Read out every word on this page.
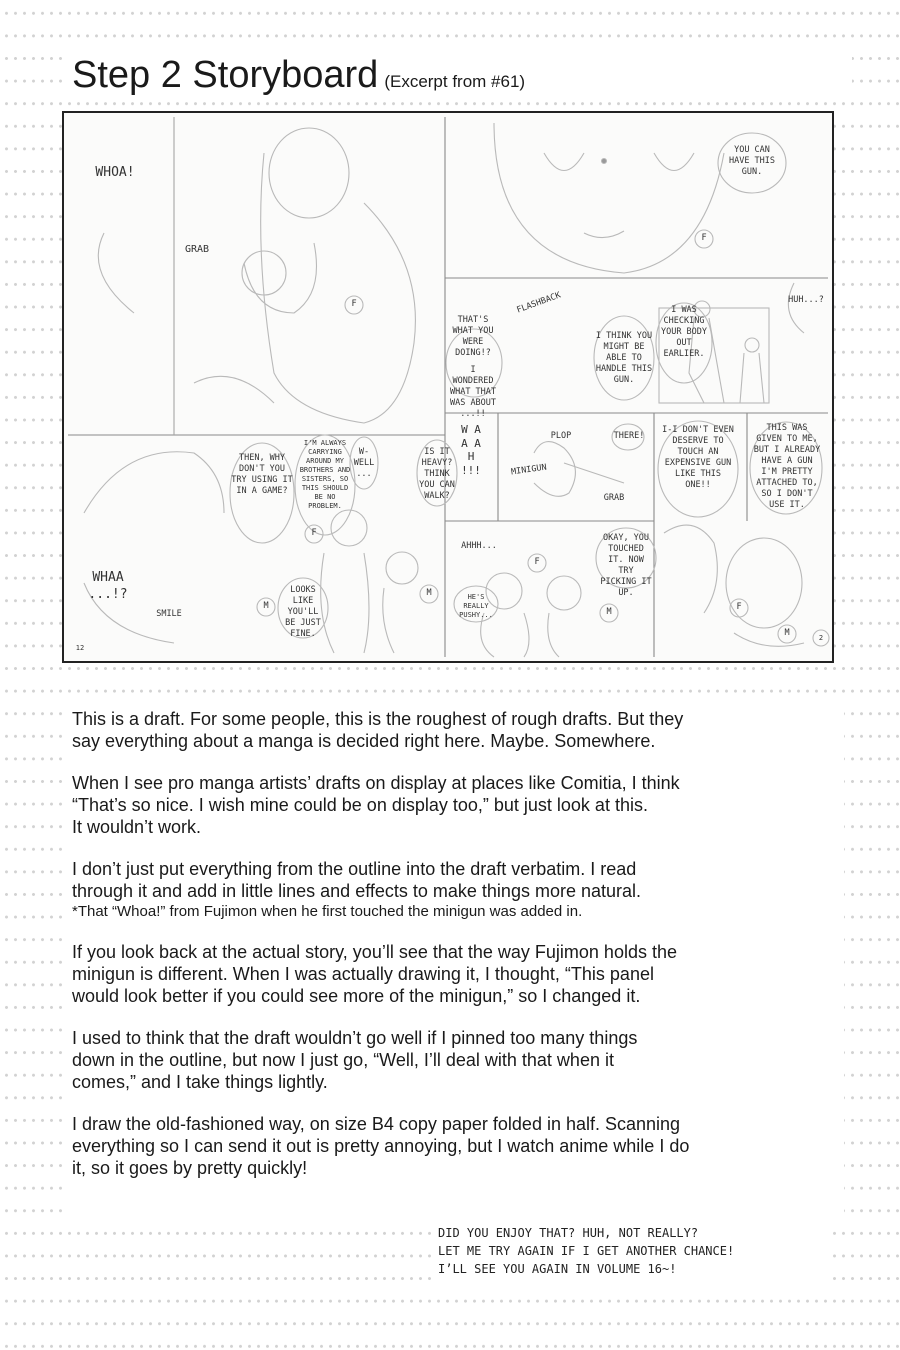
Step 2 Storyboard (Excerpt from #61)
WHOA!
GRAB
WHAA ...!?
SMILE
FLASHBACK	HUH...?
W A A A H !!!
PLOP
MINIGUN
GRAB
AHHH...
YOU CAN HAVE THIS GUN.
THAT'S WHAT YOU WERE DOING!?
I WONDERED WHAT THAT WAS ABOUT ...!!
I THINK YOU MIGHT BE ABLE TO HANDLE THIS GUN.
I WAS CHECKING YOUR BODY OUT EARLIER.
THEN, WHY DON'T YOU TRY USING IT IN A GAME?
I'M ALWAYS CARRYING AROUND MY BROTHERS AND SISTERS, SO THIS SHOULD BE NO PROBLEM.
W- WELL ...
IS IT HEAVY? THINK YOU CAN WALK?
LOOKS LIKE YOU'LL BE JUST FINE.
THERE!
I-I DON'T EVEN DESERVE TO TOUCH AN EXPENSIVE GUN LIKE THIS ONE!!
THIS WAS GIVEN TO ME, BUT I ALREADY HAVE A GUN I'M PRETTY ATTACHED TO, SO I DON'T USE IT.
OKAY, YOU TOUCHED IT. NOW TRY PICKING IT UP.
HE'S REALLY PUSHY...
F
F
F
F
F
M
M
M
M
12
2

This is a draft. For some people, this is the roughest of rough drafts. But they
say everything about a manga is decided right here. Maybe. Somewhere.

When I see pro manga artists’ drafts on display at places like Comitia, I think
“That’s so nice. I wish mine could be on display too,” but just look at this.
It wouldn’t work.

I don’t just put everything from the outline into the draft verbatim. I read
through it and add in little lines and effects to make things more natural.
*That “Whoa!” from Fujimon when he first touched the minigun was added in.

If you look back at the actual story, you’ll see that the way Fujimon holds the
minigun is different. When I was actually drawing it, I thought, “This panel
would look better if you could see more of the minigun,” so I changed it.

I used to think that the draft wouldn’t go well if I pinned too many things
down in the outline, but now I just go, “Well, I’ll deal with that when it
comes,” and I take things lightly.

I draw the old-fashioned way, on size B4 copy paper folded in half. Scanning
everything so I can send it out is pretty annoying, but I watch anime while I do
it, so it goes by pretty quickly!

DID YOU ENJOY THAT? HUH, NOT REALLY?
LET ME TRY AGAIN IF I GET ANOTHER CHANCE!
I’LL SEE YOU AGAIN IN VOLUME 16~!
